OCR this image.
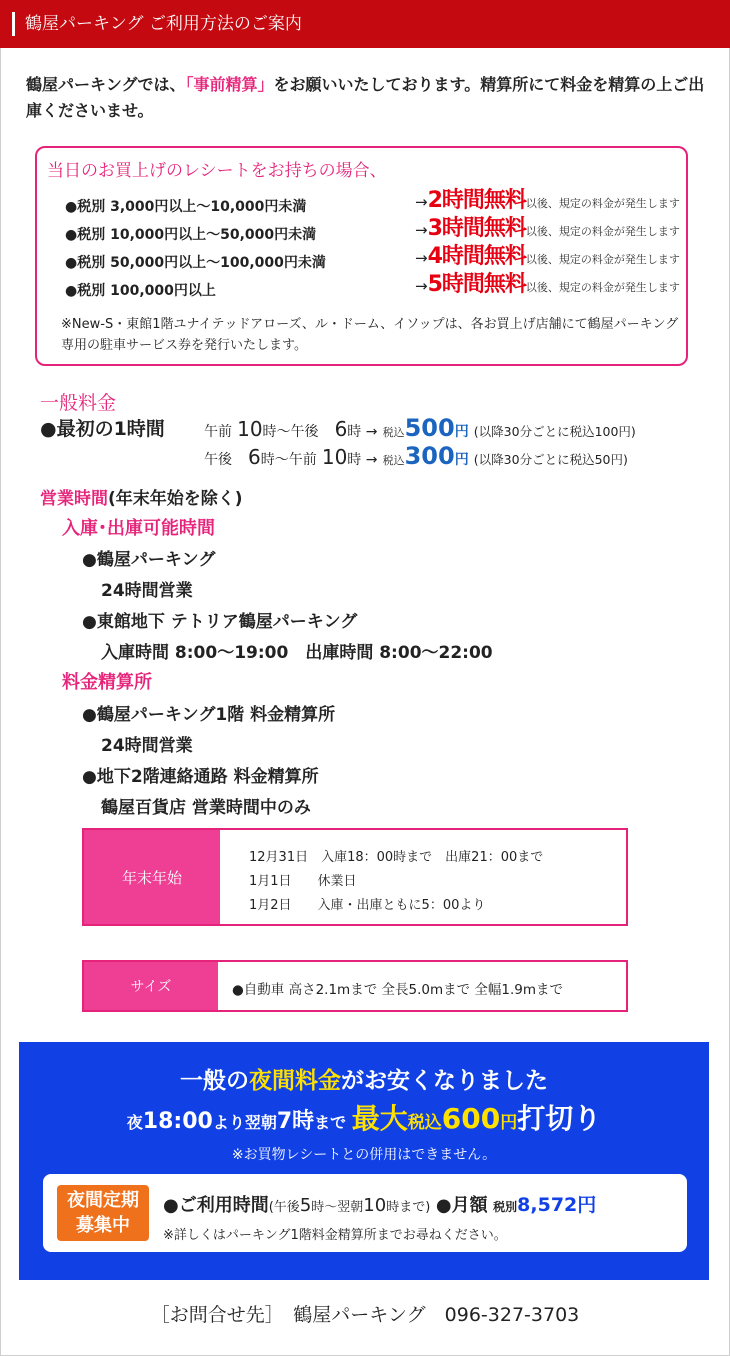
鶴屋パーキング ご利用方法のご案内
鶴屋パーキングでは、「事前精算」をお願いいたしております。精算所にて料金を精算の上ご出庫くださいませ。
当日のお買上げのレシートをお持ちの場合、
●税別 3,000円以上〜10,000円未満	→2時間無料以後、規定の料金が発生します
●税別 10,000円以上〜50,000円未満	→3時間無料以後、規定の料金が発生します
●税別 50,000円以上〜100,000円未満	→4時間無料以後、規定の料金が発生します
●税別 100,000円以上	→5時間無料以後、規定の料金が発生します
※New-S・東館1階ユナイテッドアローズ、ル・ドーム、イソップは、各お買上げ店舗にて鶴屋パーキング専用の駐車サービス券を発行いたします。
一般料金
●最初の1時間	午前 10時〜午後　 6時 → 税込500円 (以降30分ごとに税込100円)
午後　 6時〜午前 10時 → 税込300円 (以降30分ごとに税込50円)
営業時間(年末年始を除く)
入庫･出庫可能時間
●鶴屋パーキング
24時間営業
●東館地下 テトリア鶴屋パーキング
入庫時間 8:00〜19:00　出庫時間 8:00〜22:00
料金精算所
●鶴屋パーキング1階 料金精算所
24時間営業
●地下2階連絡通路 料金精算所
鶴屋百貨店 営業時間中のみ
年末年始
12月31日　入庫18：00時まで　出庫21：00まで
1月1日　　休業日
1月2日　　入庫・出庫ともに5：00より
サイズ	●自動車 高さ2.1mまで 全長5.0mまで 全幅1.9mまで
一般の夜間料金がお安くなりました
夜18:00より翌朝7時まで 最大税込600円打切り
※お買物レシートとの併用はできません。
夜間定期
募集中
●ご利用時間(午後5時〜翌朝10時まで) ●月額 税別8,572円
※詳しくはパーキング1階料金精算所までお尋ねください。
［お問合せ先］　鶴屋パーキング　096-327-3703
